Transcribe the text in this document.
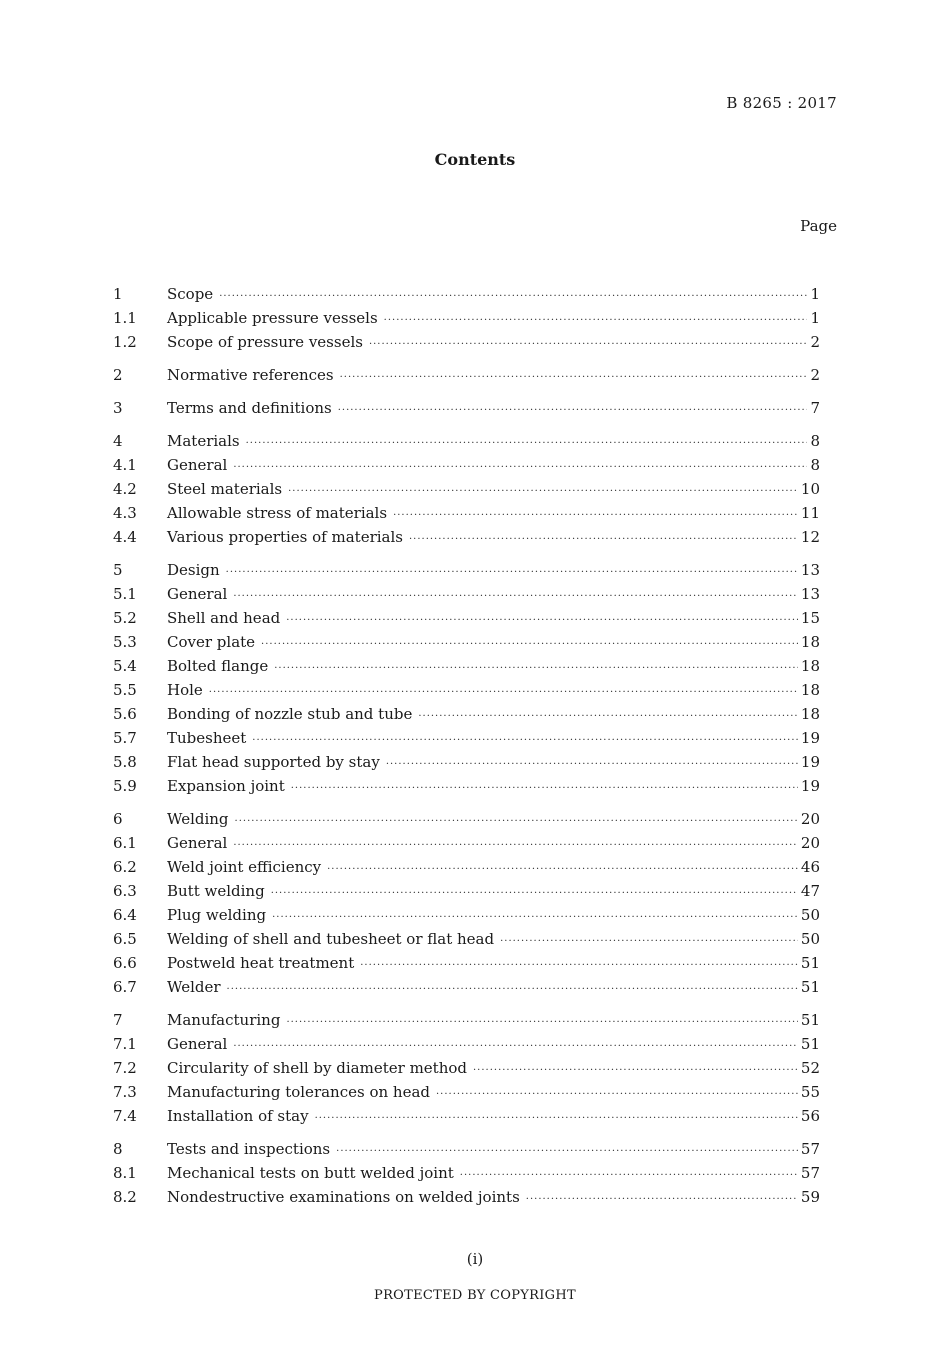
B 8265 : 2017
Contents
Page
1	Scope ·····	1
1.1	Applicable pressure vessels ·····	1
1.2	Scope of pressure vessels ·····	2
2	Normative references ·····	2
3	Terms and definitions ·····	7
4	Materials ·····	8
4.1	General ·····	8
4.2	Steel materials ·····	10
4.3	Allowable stress of materials ·····	11
4.4	Various properties of materials ·····	12
5	Design ·····	13
5.1	General ·····	13
5.2	Shell and head ·····	15
5.3	Cover plate ·····	18
5.4	Bolted flange ·····	18
5.5	Hole ·····	18
5.6	Bonding of nozzle stub and tube ·····	18
5.7	Tubesheet ·····	19
5.8	Flat head supported by stay ·····	19
5.9	Expansion joint ·····	19
6	Welding ·····	20
6.1	General ·····	20
6.2	Weld joint efficiency ·····	46
6.3	Butt welding ·····	47
6.4	Plug welding ·····	50
6.5	Welding of shell and tubesheet or flat head ·····	50
6.6	Postweld heat treatment ·····	51
6.7	Welder ·····	51
7	Manufacturing ·····	51
7.1	General ·····	51
7.2	Circularity of shell by diameter method ·····	52
7.3	Manufacturing tolerances on head ·····	55
7.4	Installation of stay ·····	56
8	Tests and inspections ·····	57
8.1	Mechanical tests on butt welded joint ·····	57
8.2	Nondestructive examinations on welded joints ·····	59
(i)
PROTECTED BY COPYRIGHT
